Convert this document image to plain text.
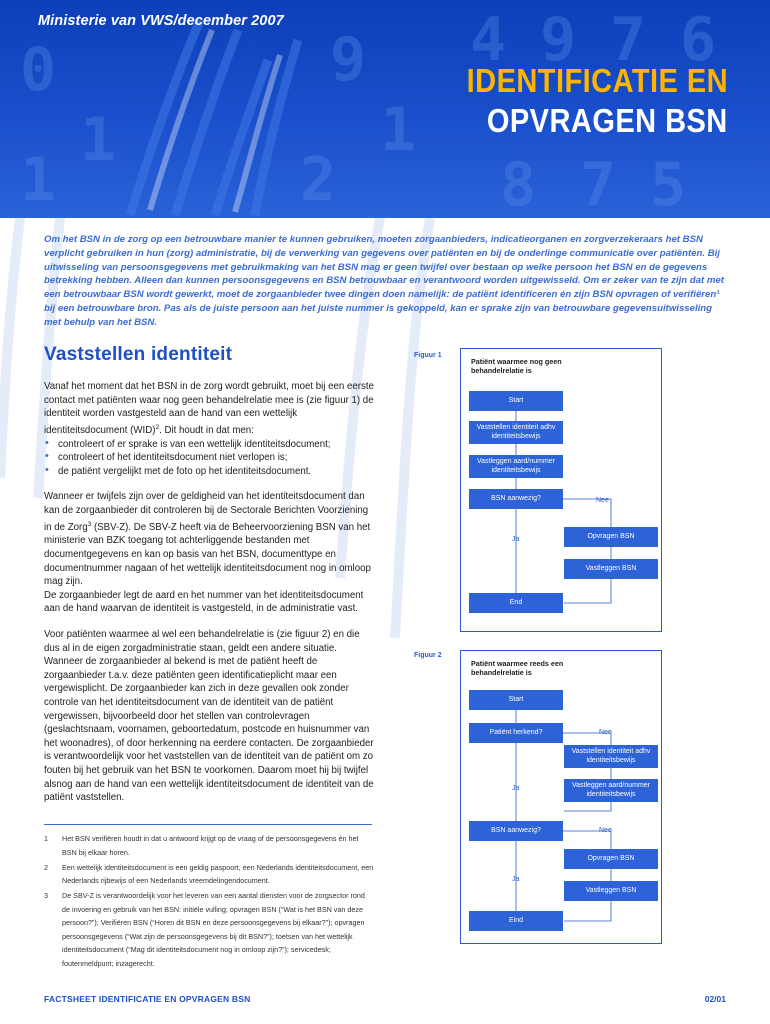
0
1
9
2
1
4 9 7 6
8 7 5
1
Ministerie van VWS/december 2007
IDENTIFICATIE EN
OPVRAGEN BSN

Om het BSN in de zorg op een betrouwbare manier te kunnen gebruiken, moeten zorgaanbieders, indicatieorganen en zorgverzekeraars het BSN verplicht gebruiken in hun (zorg) administratie, bij de verwerking van gegevens over patiënten en bij de onderlinge communicatie over patiënten. Bij uitwisseling van persoonsgegevens met gebruikmaking van het BSN mag er geen twijfel over bestaan op welke persoon het BSN en de gegevens betrekking hebben. Alleen dan kunnen persoonsgegevens en BSN betrouwbaar en verantwoord worden uitgewisseld. Om er zeker van te zijn dat met een betrouwbaar BSN wordt gewerkt, moet de zorgaanbieder twee dingen doen namelijk: de patiënt identificeren én zijn BSN opvragen of verifiëren¹ bij een betrouwbare bron. Pas als de juiste persoon aan het juiste nummer is gekoppeld, kan er sprake zijn van betrouwbare gegevensuitwisseling met behulp van het BSN.

Vaststellen identiteit

Vanaf het moment dat het BSN in de zorg wordt gebruikt, moet bij een eerste contact met patiënten waar nog geen behandelrelatie mee is (zie figuur 1) de identiteit worden vastgesteld aan de hand van een wettelijk identiteitsdocument (WID)$^2$. Dit houdt in dat men:

• controleert of er sprake is van een wettelijk identiteitsdocument;
• controleert of het identiteitsdocument niet verlopen is;
• de patiënt vergelijkt met de foto op het identiteitsdocument.

Wanneer er twijfels zijn over de geldigheid van het identiteitsdocument dan kan de zorgaanbieder dit controleren bij de Sectorale Berichten Voorziening in de Zorg$^3$ (SBV-Z). De SBV-Z heeft via de Beheervoorziening BSN van het ministerie van BZK toegang tot achterliggende bestanden met documentgegevens en kan op basis van het BSN, documenttype en documentnummer nagaan of het wettelijk identiteitsdocument nog in omloop mag zijn.

De zorgaanbieder legt de aard en het nummer van het identiteitsdocument aan de hand waarvan de identiteit is vastgesteld, in de administratie vast.

Voor patiënten waarmee al wel een behandelrelatie is (zie figuur 2) en die dus al in de eigen zorgadministratie staan, geldt een andere situatie. Wanneer de zorgaanbieder al bekend is met de patiënt heeft de zorgaanbieder t.a.v. deze patiënten geen identificatieplicht maar een vergewisplicht. De zorgaanbieder kan zich in deze gevallen ook zonder controle van het identiteitsdocument van de identiteit van de patiënt vergewissen, bijvoorbeeld door het stellen van controlevragen (geslachtsnaam, voornamen, geboortedatum, postcode en huisnummer van het woonadres), of door herkenning na eerdere contacten. De zorgaanbieder is verantwoordelijk voor het vaststellen van de identiteit van de patiënt om zo fouten bij het gebruik van het BSN te voorkomen. Daarom moet hij bij twijfel alsnog aan de hand van een wettelijk identiteitsdocument de identiteit van de patiënt vaststellen.

1	Het BSN verifiëren houdt in dat u antwoord krijgt op de vraag of de persoonsgegevens én het BSN bij elkaar horen.
2	Een wettelijk identiteitsdocument is een geldig paspoort, een Nederlands identiteitsdocument, een Nederlands rijbewijs of een Nederlands vreemdelingendocument.
3	De SBV-Z is verantwoordelijk voor het leveren van een aantal diensten voor de zorgsector rond de invoering en gebruik van het BSN: initiële vulling; opvragen BSN (“Wat is het BSN van deze persoon?”); Verifiëren BSN (“Horen dit BSN en deze persoonsgegevens bij elkaar?”); opvragen persoonsgegevens (“Wat zijn de persoonsgegevens bij dit BSN?”); toetsen van het wettelijk identiteitsdocument (“Mag dit identiteitsdocument nog in omloop zijn?”); servicedesk; foutenmeldpunt; inzagerecht.
Figuur 1
Patiënt waarmee nog geen behandelrelatie is
Start
Vaststellen identiteit adhv identiteitsbewijs
Vastleggen aard/nummer identiteitsbewijs
BSN aanwezig?	Nee
Ja	Opvragen BSN
Vastleggen BSN
End
Figuur 2
Patiënt waarmee reeds een behandelrelatie is
Start
Patiënt herkend?	Nee
Vaststellen identiteit adhv identiteitsbewijs
Vastleggen aard/nummer identiteitsbewijs
Ja
BSN aanwezig?	Nee
Opvragen BSN
Ja
Vastleggen BSN
Eind
FACTSHEET IDENTIFICATIE EN OPVRAGEN BSN	02/01
